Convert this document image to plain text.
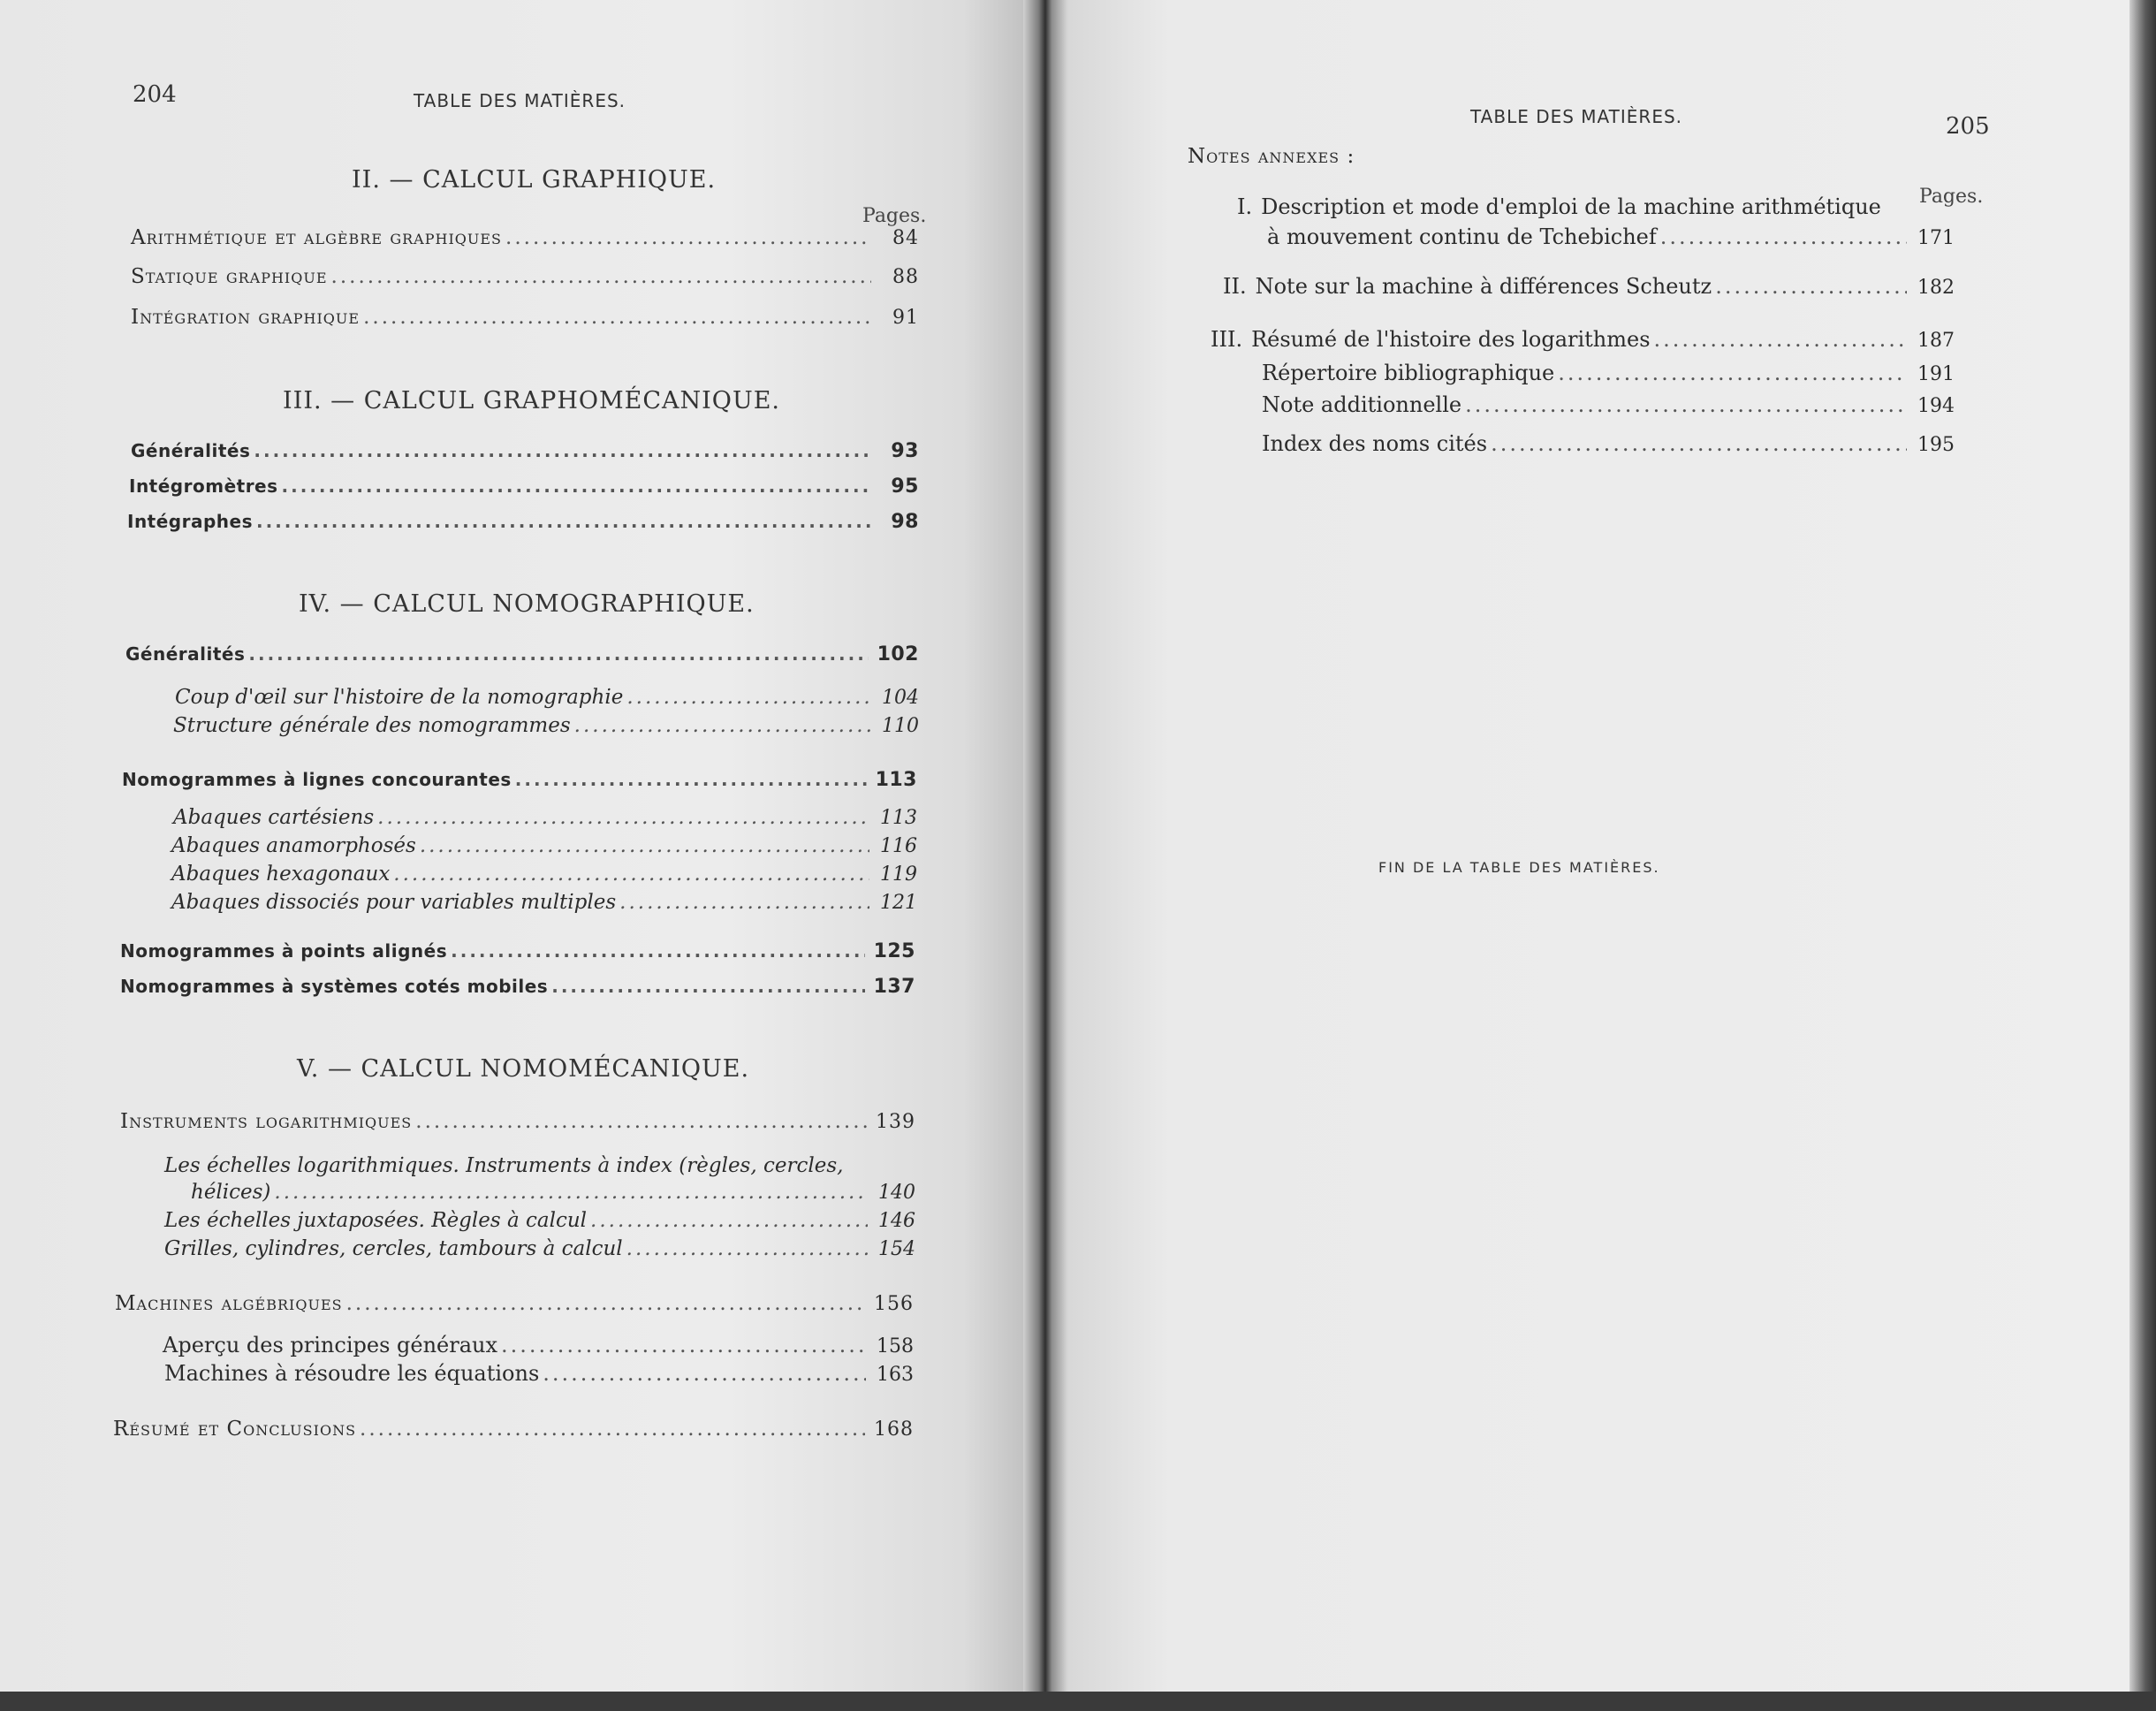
204	TABLE DES MATIÈRES.
II. — CALCUL GRAPHIQUE.
Pages.
Arithmétique et algèbre graphiques .....	84
Statique graphique .....	88
Intégration graphique .....	91
III. — CALCUL GRAPHOMÉCANIQUE.
Généralités .....	93
Intégromètres .....	95
Intégraphes .....	98
IV. — CALCUL NOMOGRAPHIQUE.
Généralités .....	102
Coup d'œil sur l'histoire de la nomographie .....	104
Structure générale des nomogrammes .....	110
Nomogrammes à lignes concourantes .....	113
Abaques cartésiens .....	113
Abaques anamorphosés .....	116
Abaques hexagonaux .....	119
Abaques dissociés pour variables multiples .....	121
Nomogrammes à points alignés .....	125
Nomogrammes à systèmes cotés mobiles .....	137
V. — CALCUL NOMOMÉCANIQUE.
Instruments logarithmiques .....	139
Les échelles logarithmiques. Instruments à index (règles, cercles,
hélices) .....	140
Les échelles juxtaposées. Règles à calcul .....	146
Grilles, cylindres, cercles, tambours à calcul .....	154
Machines algébriques .....	156
Aperçu des principes généraux .....	158
Machines à résoudre les équations .....	163
Résumé et Conclusions .....	168
TABLE DES MATIÈRES.	205
Notes annexes :
Pages.
I. Description et mode d'emploi de la machine arithmétique
à mouvement continu de Tchebichef .....	171
II. Note sur la machine à différences Scheutz .....	182
III. Résumé de l'histoire des logarithmes .....	187
Répertoire bibliographique .....	191
Note additionnelle .....	194
Index des noms cités .....	195
FIN DE LA TABLE DES MATIÈRES.
